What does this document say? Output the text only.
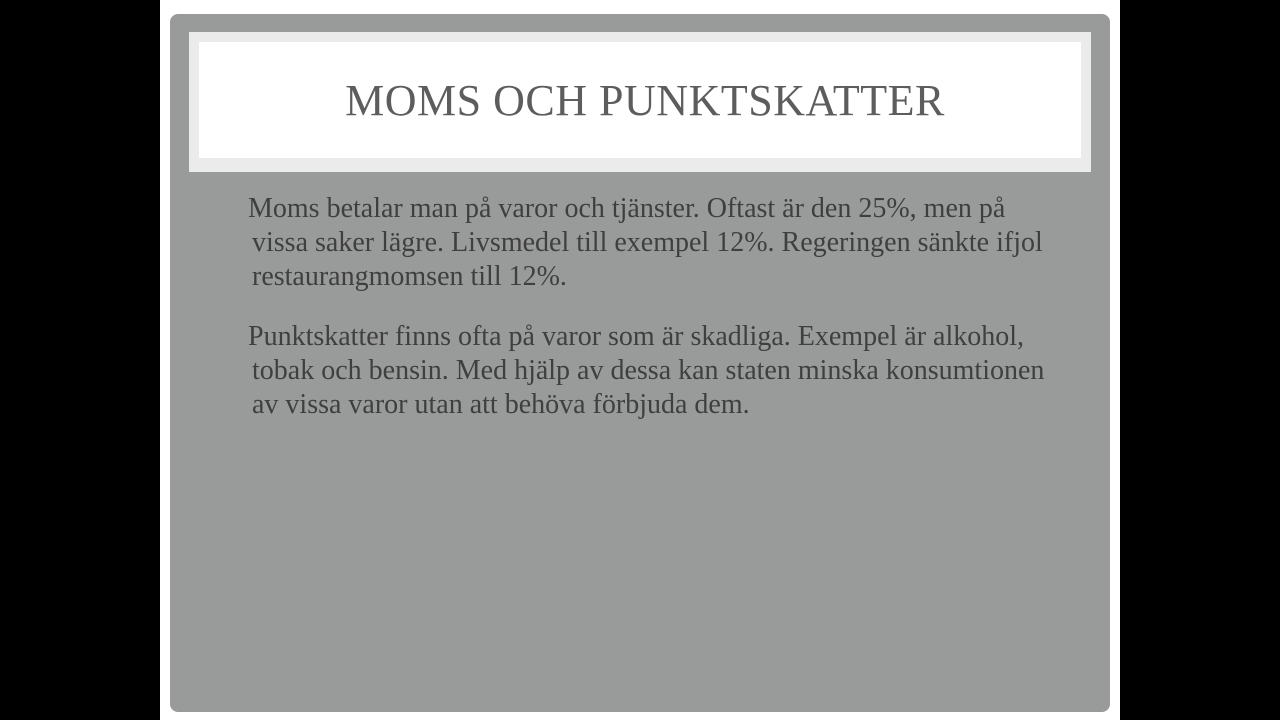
MOMS OCH PUNKTSKATTER

Moms betalar man på varor och tjänster. Oftast är den 25%, men på vissa saker lägre. Livsmedel till exempel 12%. Regeringen sänkte ifjol restaurangmomsen till 12%.

Punktskatter finns ofta på varor som är skadliga. Exempel är alkohol, tobak och bensin. Med hjälp av dessa kan staten minska konsumtionen av vissa varor utan att behöva förbjuda dem.
